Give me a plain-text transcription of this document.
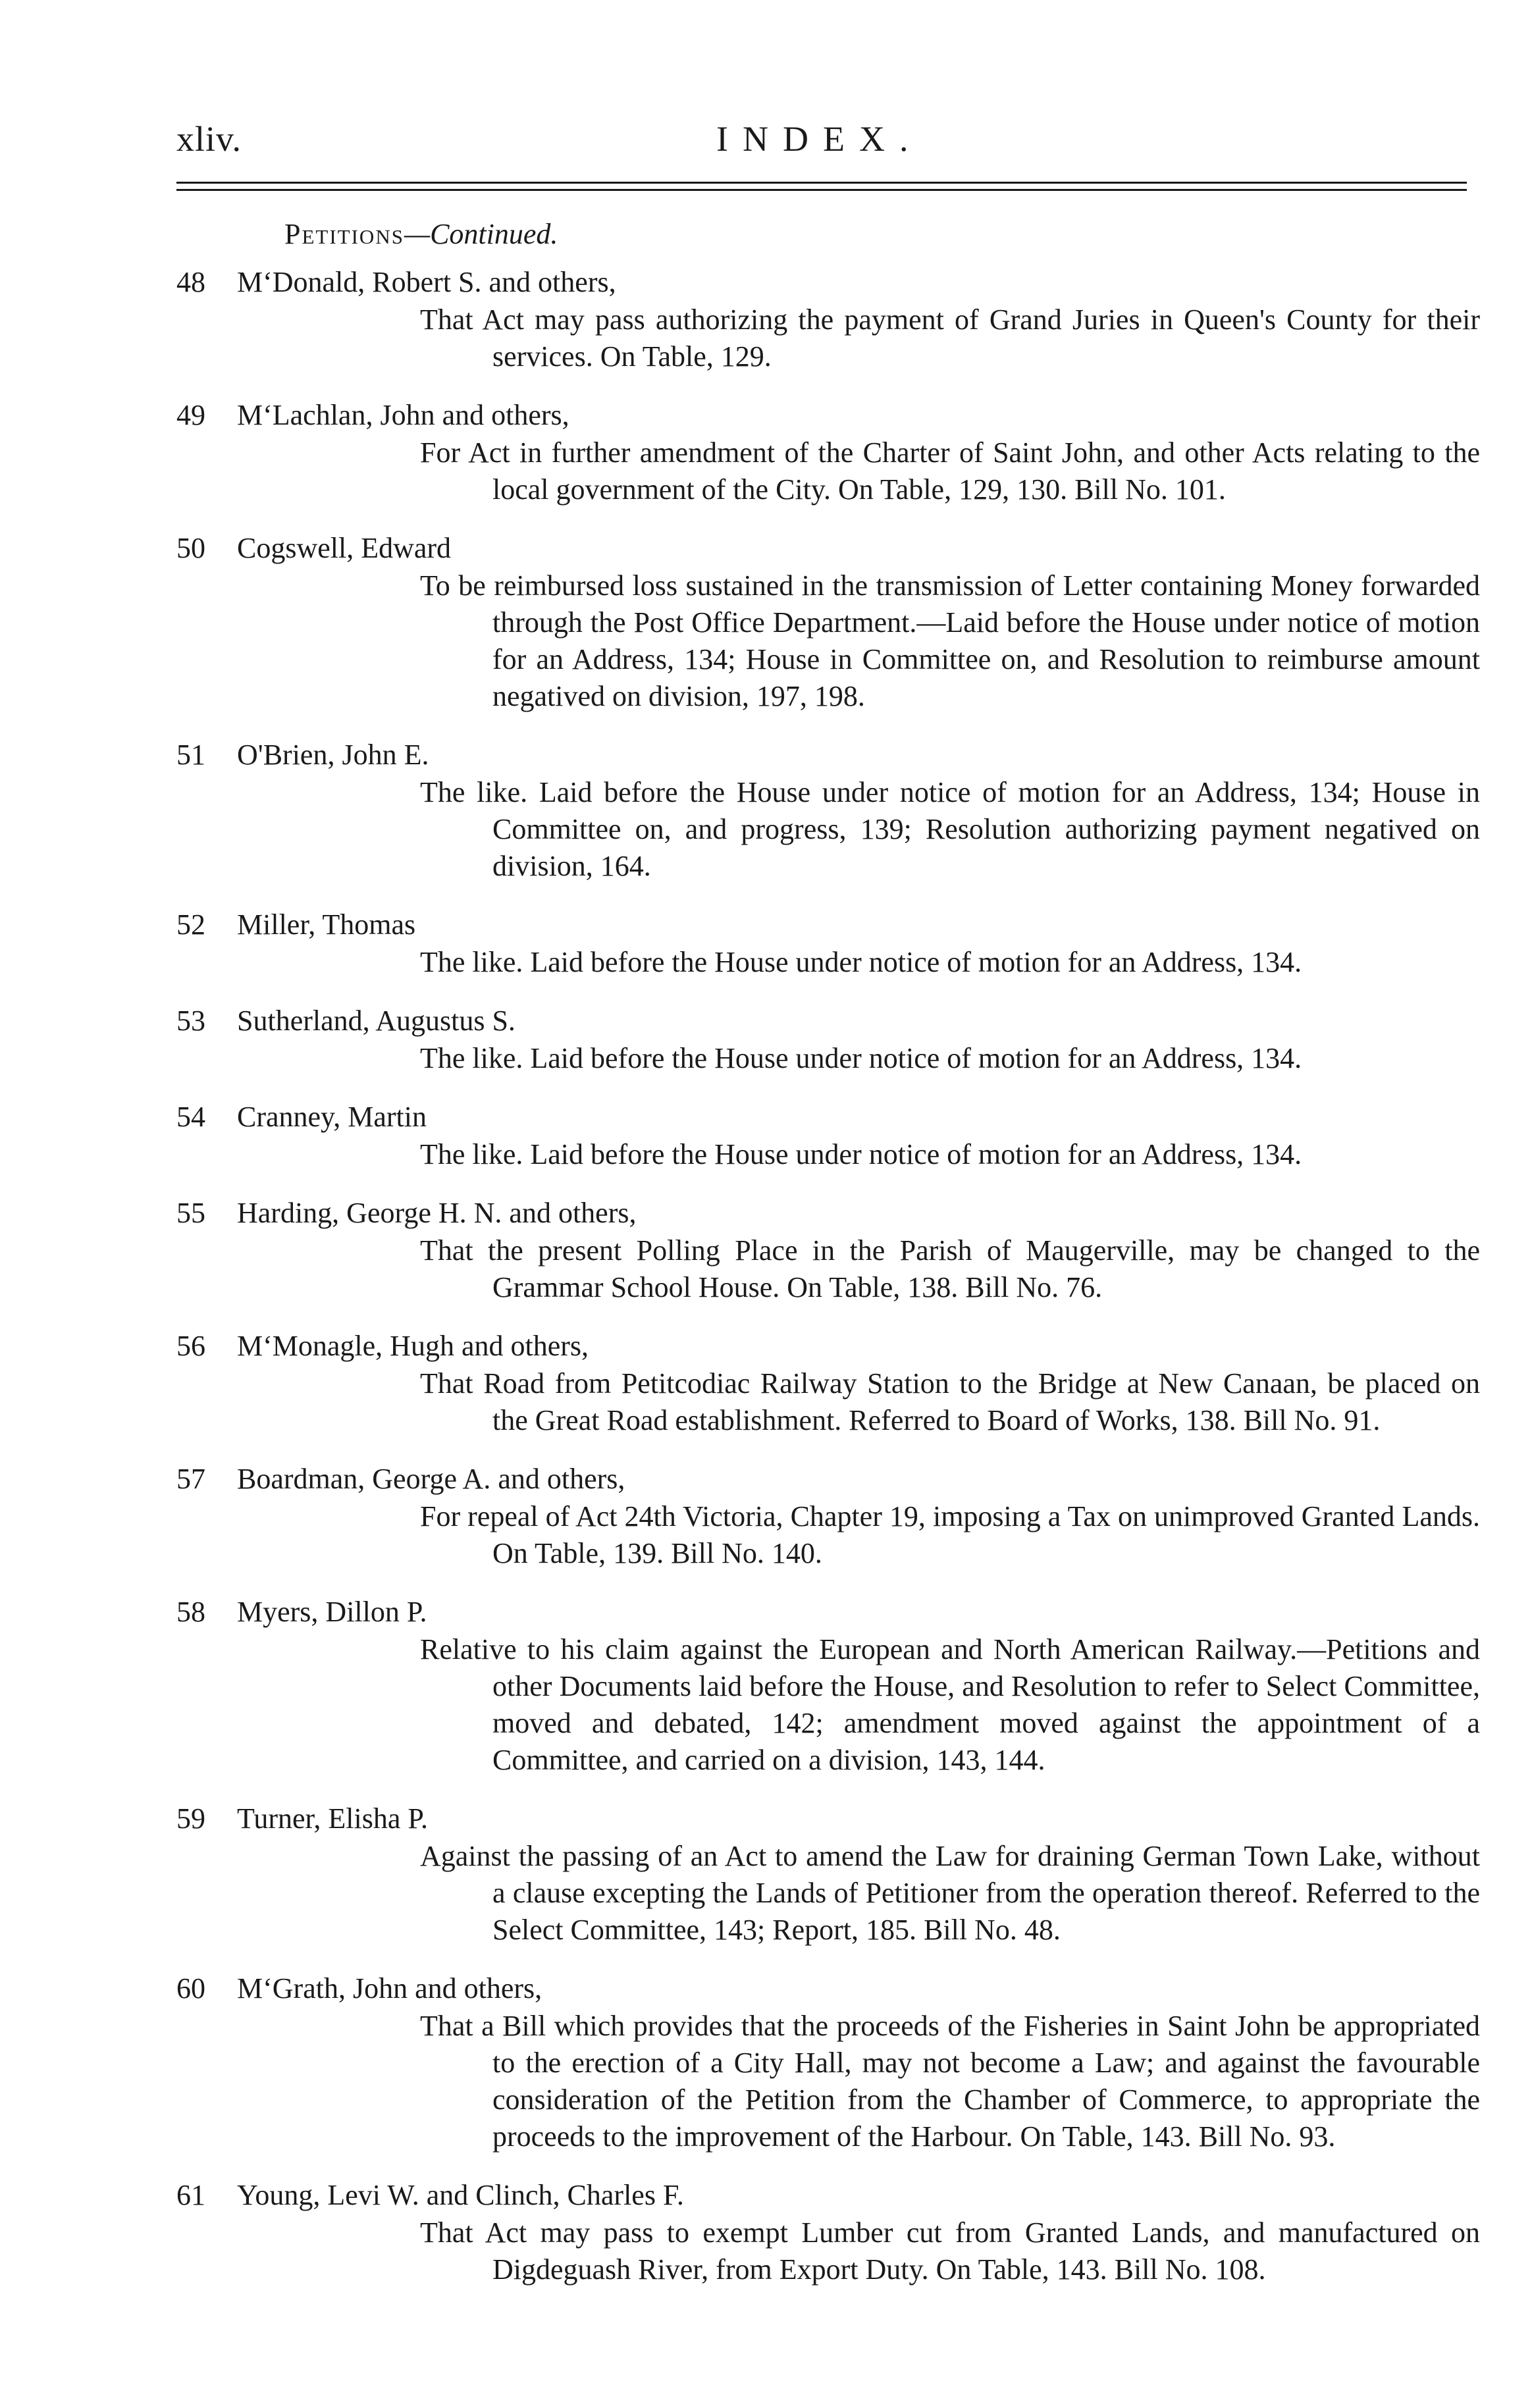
xliv.	INDEX.
Petitions—Continued.
48	M‘Donald, Robert S. and others,
That Act may pass authorizing the payment of Grand Juries in Queen's County for their services. On Table, 129.
49	M‘Lachlan, John and others,
For Act in further amendment of the Charter of Saint John, and other Acts relating to the local government of the City. On Table, 129, 130. Bill No. 101.
50	Cogswell, Edward
To be reimbursed loss sustained in the transmission of Letter containing Money forwarded through the Post Office Department.—Laid before the House under notice of motion for an Address, 134; House in Committee on, and Resolution to reimburse amount negatived on division, 197, 198.
51	O'Brien, John E.
The like. Laid before the House under notice of motion for an Address, 134; House in Committee on, and progress, 139; Resolution authorizing payment negatived on division, 164.
52	Miller, Thomas
The like. Laid before the House under notice of motion for an Address, 134.
53	Sutherland, Augustus S.
The like. Laid before the House under notice of motion for an Address, 134.
54	Cranney, Martin
The like. Laid before the House under notice of motion for an Address, 134.
55	Harding, George H. N. and others,
That the present Polling Place in the Parish of Maugerville, may be changed to the Grammar School House. On Table, 138. Bill No. 76.
56	M‘Monagle, Hugh and others,
That Road from Petitcodiac Railway Station to the Bridge at New Canaan, be placed on the Great Road establishment. Referred to Board of Works, 138. Bill No. 91.
57	Boardman, George A. and others,
For repeal of Act 24th Victoria, Chapter 19, imposing a Tax on unimproved Granted Lands. On Table, 139. Bill No. 140.
58	Myers, Dillon P.
Relative to his claim against the European and North American Railway.—Petitions and other Documents laid before the House, and Resolution to refer to Select Committee, moved and debated, 142; amendment moved against the appointment of a Committee, and carried on a division, 143, 144.
59	Turner, Elisha P.
Against the passing of an Act to amend the Law for draining German Town Lake, without a clause excepting the Lands of Petitioner from the operation thereof. Referred to the Select Committee, 143; Report, 185. Bill No. 48.
60	M‘Grath, John and others,
That a Bill which provides that the proceeds of the Fisheries in Saint John be appropriated to the erection of a City Hall, may not become a Law; and against the favourable consideration of the Petition from the Chamber of Commerce, to appropriate the proceeds to the improvement of the Harbour. On Table, 143. Bill No. 93.
61	Young, Levi W. and Clinch, Charles F.
That Act may pass to exempt Lumber cut from Granted Lands, and manufactured on Digdeguash River, from Export Duty. On Table, 143. Bill No. 108.
